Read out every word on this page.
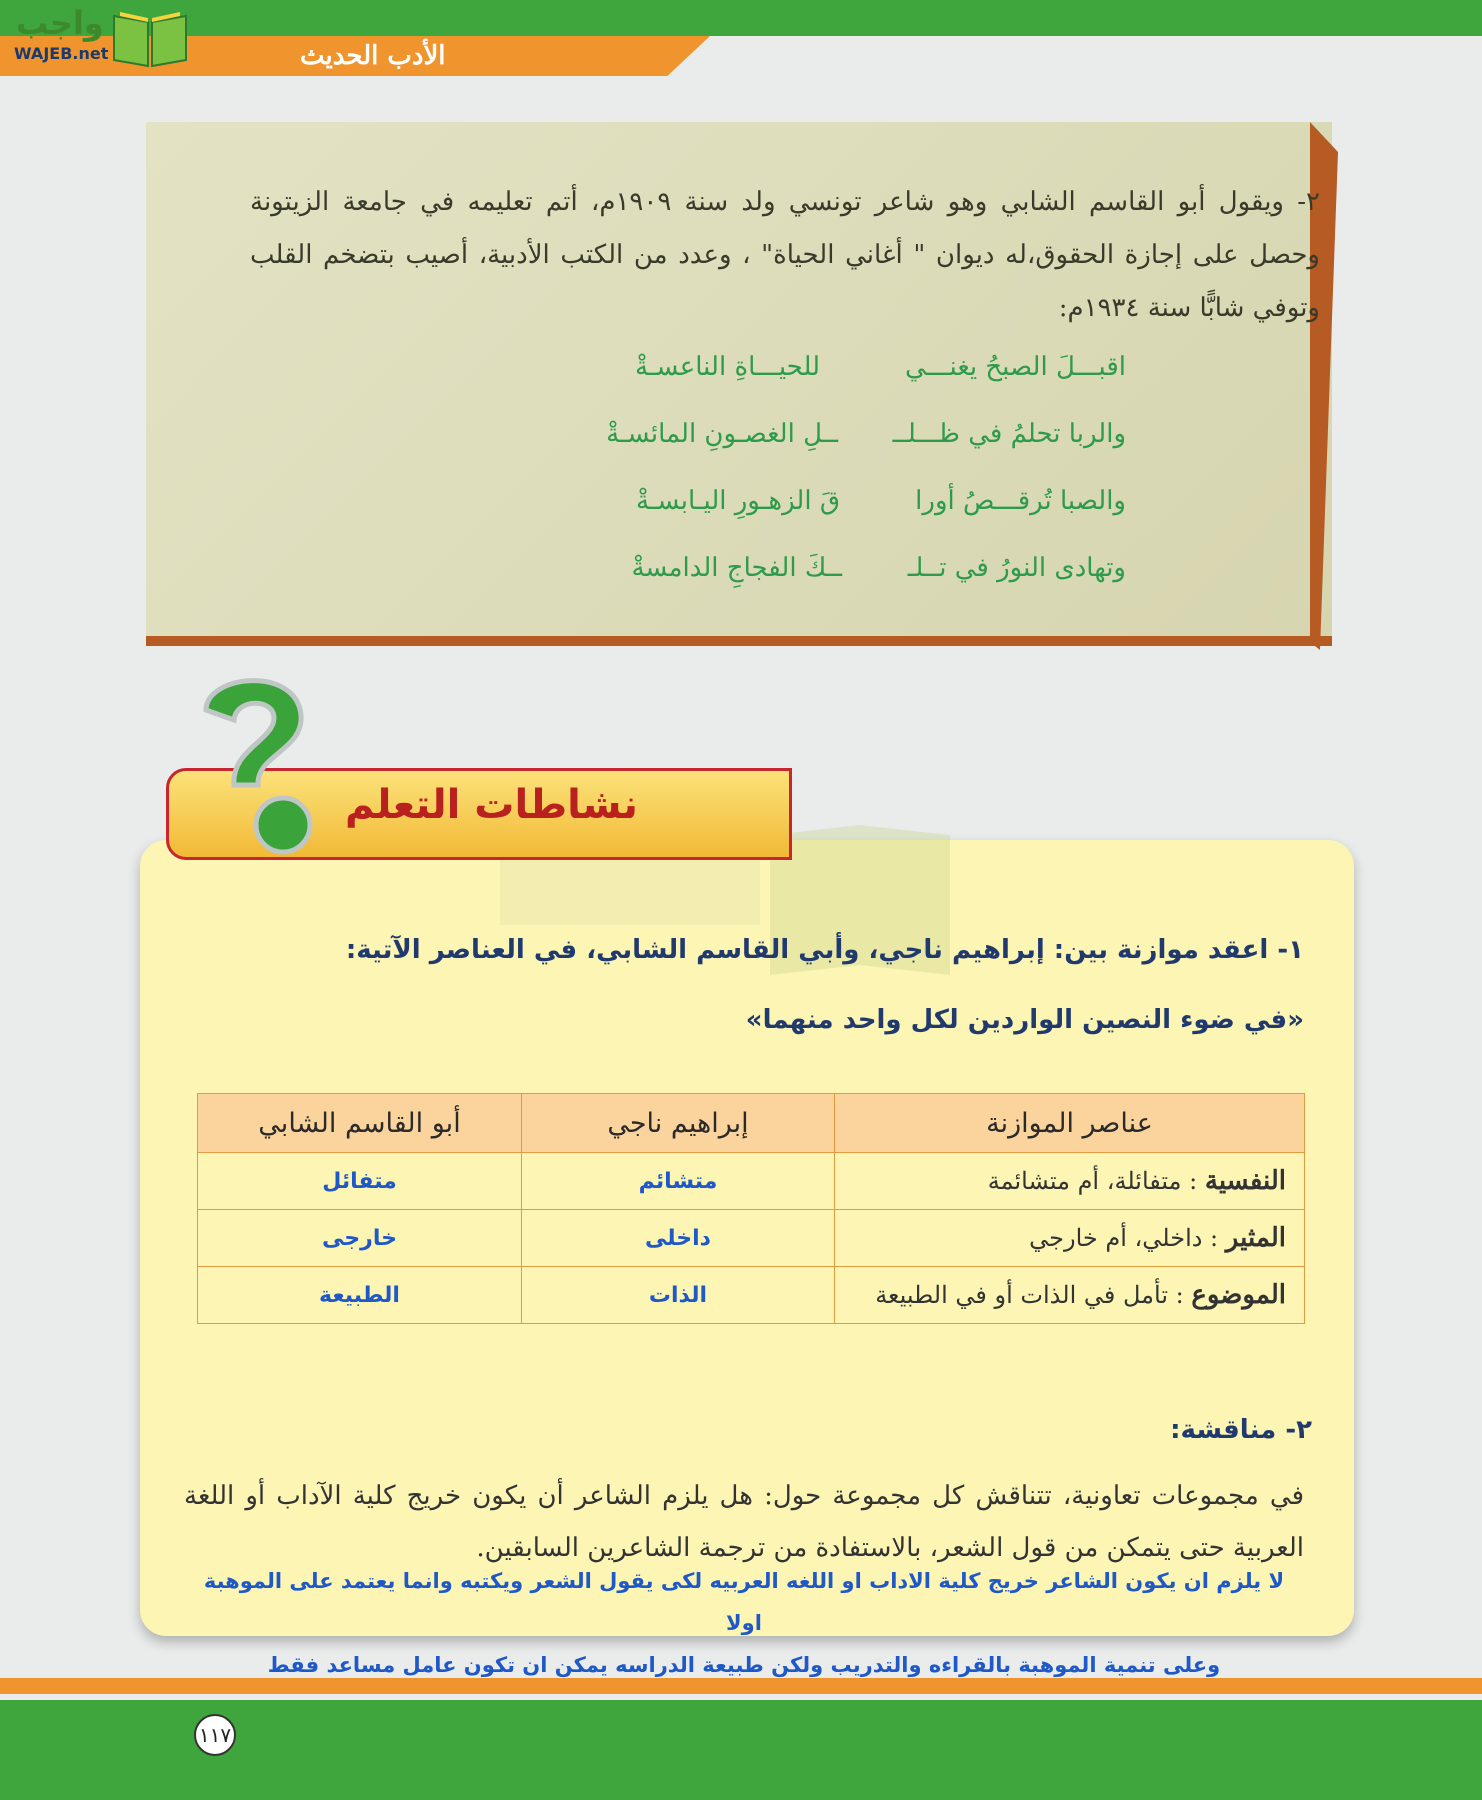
الأدب الحديث
واجب
WAJEB.net
٢- ويقول أبو القاسم الشابي وهو شاعر تونسي ولد سنة ١٩٠٩م، أتم تعليمه في جامعة الزيتونة وحصل على إجازة الحقوق،له ديوان " أغاني الحياة" ، وعدد من الكتب الأدبية، أصيب بتضخم القلب وتوفي شابًّا سنة ١٩٣٤م:
اقبـــلَ الصبحُ يغنـــي
للحيـــاةِ الناعسـةْ
والربا تحلمُ في ظـــلــ
ــلِ الغصـونِ المائسـةْ
والصبا تُرقـــصُ أورا
قَ الزهـورِ اليـابسـةْ
وتهادى النورُ في تــلـ
ــكَ الفجاجِ الدامسةْ
نشاطات التعلم
١- اعقد موازنة بين: إبراهيم ناجي، وأبي القاسم الشابي، في العناصر الآتية:
«في ضوء النصين الواردين لكل واحد منهما»
عناصر الموازنة	إبراهيم ناجي	أبو القاسم الشابي
النفسية : متفائلة، أم متشائمة	متشائم	متفائل
المثير : داخلي، أم خارجي	داخلى	خارجى
الموضوع : تأمل في الذات أو في الطبيعة	الذات	الطبيعة
٢- مناقشة:
في مجموعات تعاونية، تتناقش كل مجموعة حول: هل يلزم الشاعر أن يكون خريج كلية الآداب أو اللغة العربية حتى يتمكن من قول الشعر، بالاستفادة من ترجمة الشاعرين السابقين.
لا يلزم ان يكون الشاعر خريج كلية الاداب او اللغه العربيه لكى يقول الشعر ويكتبه وانما يعتمد على الموهبة اولا
وعلى تنمية الموهبة بالقراءه والتدريب ولكن طبيعة الدراسه يمكن ان تكون عامل مساعد فقط
١١٧
